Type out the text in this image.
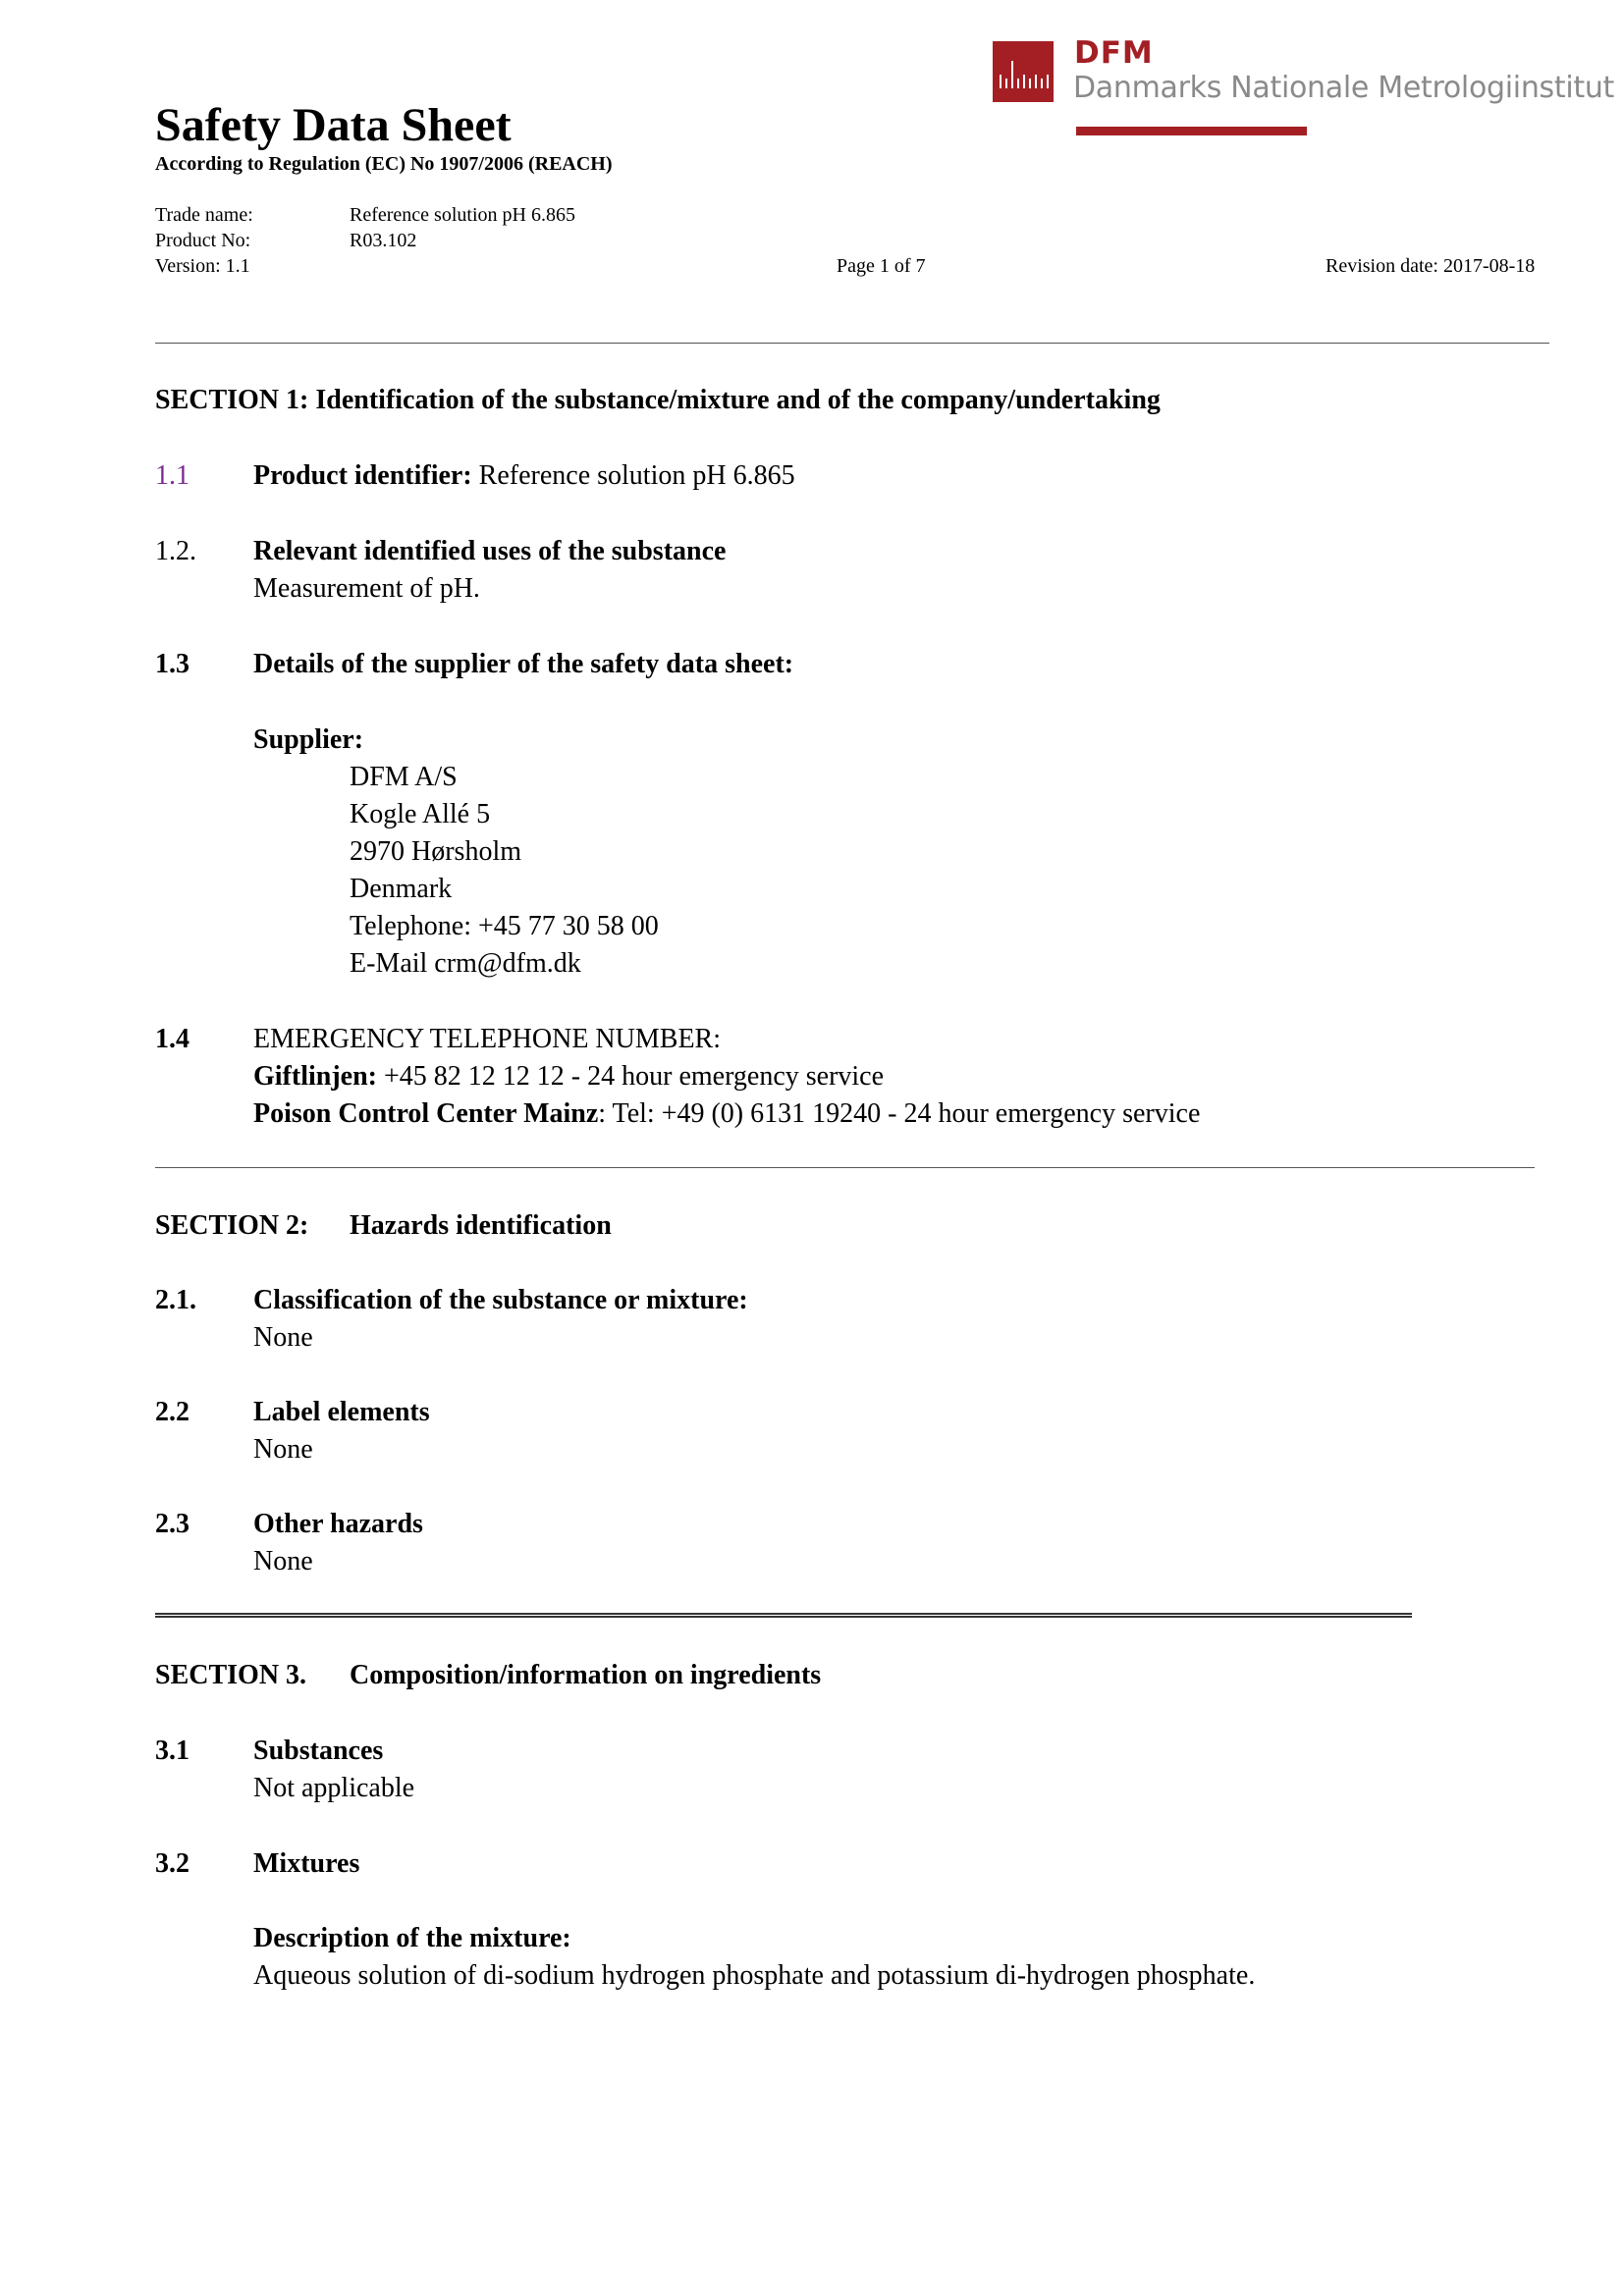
DFM
Danmarks Nationale Metrologiinstitut
Safety Data Sheet
According to Regulation (EC) No 1907/2006 (REACH)
Trade name:	Reference solution pH 6.865
Product No:	R03.102
Version: 1.1	Page 1 of 7	Revision date: 2017-08-18
SECTION 1: Identification of the substance/mixture and of the company/undertaking
1.1 Product identifier: Reference solution pH 6.865
1.2. Relevant identified uses of the substance
Measurement of pH.
1.3 Details of the supplier of the safety data sheet:
Supplier:
DFM A/S
Kogle Allé 5
2970 Hørsholm
Denmark
Telephone: +45 77 30 58 00
E-Mail crm@dfm.dk
1.4 EMERGENCY TELEPHONE NUMBER:
Giftlinjen: +45 82 12 12 12 - 24 hour emergency service
Poison Control Center Mainz: Tel: +49 (0) 6131 19240 - 24 hour emergency service
SECTION 2: Hazards identification
2.1. Classification of the substance or mixture:
None
2.2 Label elements
None
2.3 Other hazards
None
SECTION 3. Composition/information on ingredients
3.1 Substances
Not applicable
3.2 Mixtures
Description of the mixture:
Aqueous solution of di-sodium hydrogen phosphate and potassium di-hydrogen phosphate.
